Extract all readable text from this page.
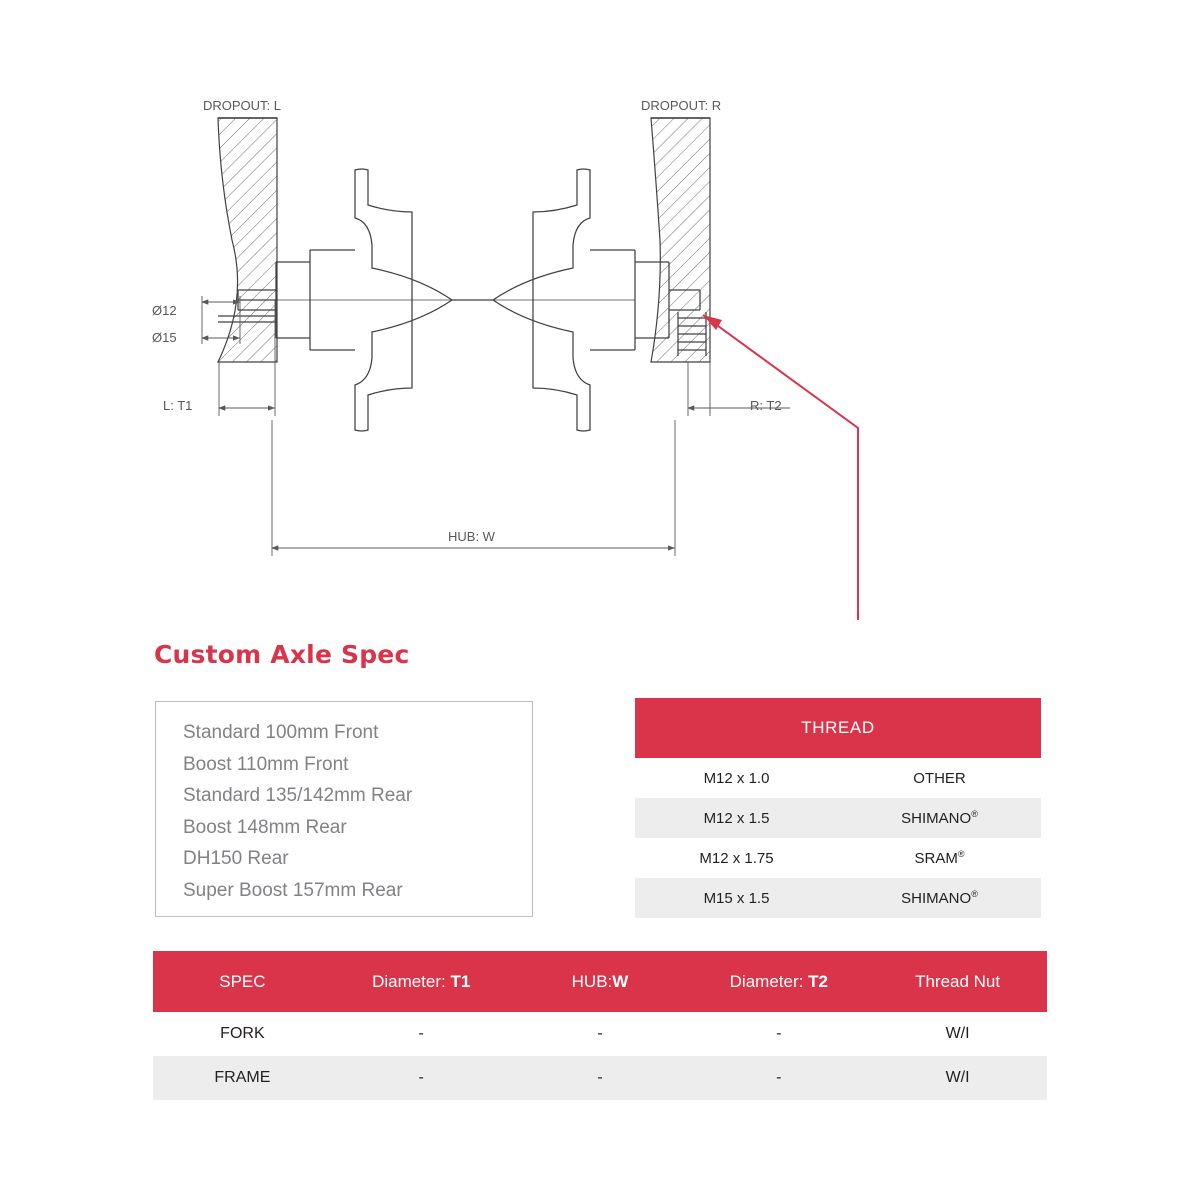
DROPOUT: L	DROPOUT: R
Ø12
Ø15
L: T1	R: T2
HUB: W
Custom Axle Spec
Standard 100mm Front
Boost 110mm Front
Standard 135/142mm Rear
Boost 148mm Rear
DH150 Rear
Super Boost 157mm Rear
THREAD
M12 x 1.0	OTHER
M12 x 1.5	SHIMANO®
M12 x 1.75	SRAM®
M15 x 1.5	SHIMANO®
SPEC	Diameter: T1	HUB:W	Diameter: T2	Thread Nut
FORK	-	-	-	W/I
FRAME	-	-	-	W/I
